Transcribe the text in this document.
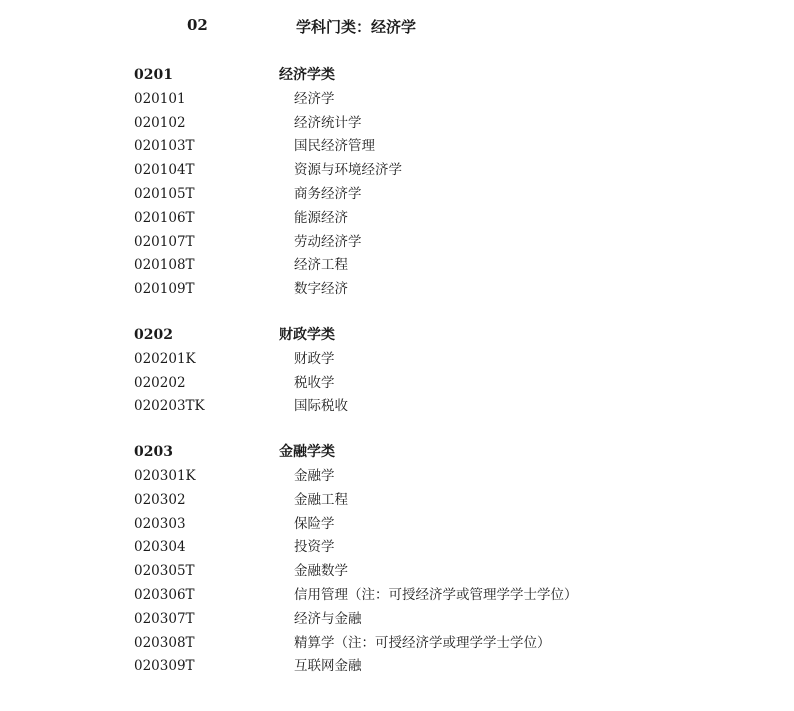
02	学科门类：经济学
0201	经济学类
020101	经济学
020102	经济统计学
020103T	国民经济管理
020104T	资源与环境经济学
020105T	商务经济学
020106T	能源经济
020107T	劳动经济学
020108T	经济工程
020109T	数字经济
0202	财政学类
020201K	财政学
020202	税收学
020203TK	国际税收
0203	金融学类
020301K	金融学
020302	金融工程
020303	保险学
020304	投资学
020305T	金融数学
020306T	信用管理（注：可授经济学或管理学学士学位）
020307T	经济与金融
020308T	精算学（注：可授经济学或理学学士学位）
020309T	互联网金融
